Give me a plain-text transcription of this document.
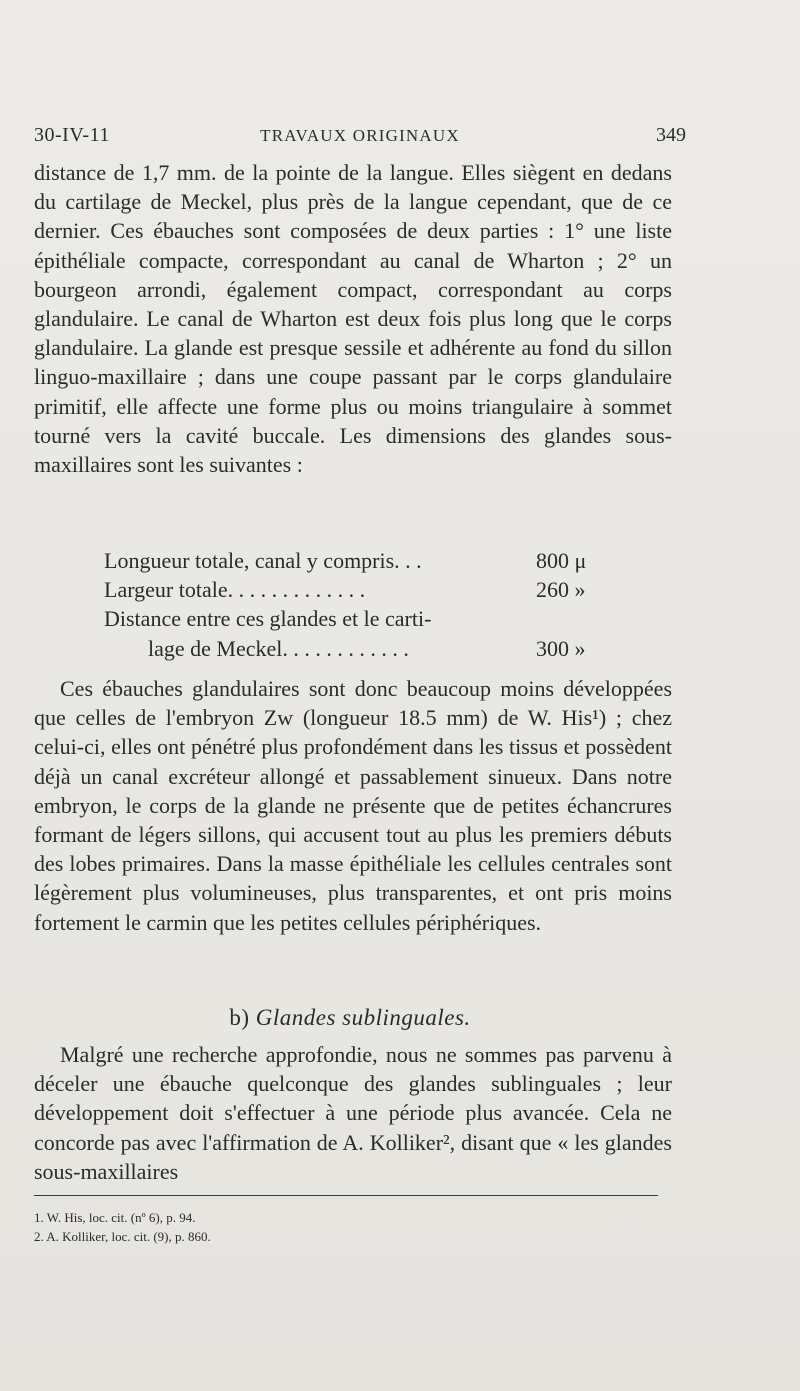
30-IV-11	TRAVAUX ORIGINAUX	349

distance de 1,7 mm. de la pointe de la langue. Elles siègent en dedans du cartilage de Meckel, plus près de la langue cependant, que de ce dernier. Ces ébauches sont composées de deux parties : 1° une liste épithéliale compacte, correspondant au canal de Wharton ; 2° un bourgeon arrondi, également compact, correspondant au corps glandulaire. Le canal de Wharton est deux fois plus long que le corps glandulaire. La glande est presque sessile et adhérente au fond du sillon linguo-maxillaire ; dans une coupe passant par le corps glandulaire primitif, elle affecte une forme plus ou moins triangulaire à sommet tourné vers la cavité buccale. Les dimensions des glandes sous-maxillaires sont les suivantes :

Longueur totale, canal y compris. . .	800 μ
Largeur totale. . . . . . . . . . . . .	260 »
Distance entre ces glandes et le carti-
lage de Meckel. . . . . . . . . . . .	300 »

Ces ébauches glandulaires sont donc beaucoup moins développées que celles de l'embryon Zw (longueur 18.5 mm) de W. His¹) ; chez celui-ci, elles ont pénétré plus profondément dans les tissus et possèdent déjà un canal excréteur allongé et passablement sinueux. Dans notre embryon, le corps de la glande ne présente que de petites échancrures formant de légers sillons, qui accusent tout au plus les premiers débuts des lobes primaires. Dans la masse épithéliale les cellules centrales sont légèrement plus volumineuses, plus transparentes, et ont pris moins fortement le carmin que les petites cellules périphériques.

b) Glandes sublinguales.

Malgré une recherche approfondie, nous ne sommes pas parvenu à déceler une ébauche quelconque des glandes sublinguales ; leur développement doit s'effectuer à une période plus avancée. Cela ne concorde pas avec l'affirmation de A. Kolliker², disant que « les glandes sous-maxillaires

1. W. His, loc. cit. (nº 6), p. 94.
2. A. Kolliker, loc. cit. (9), p. 860.
